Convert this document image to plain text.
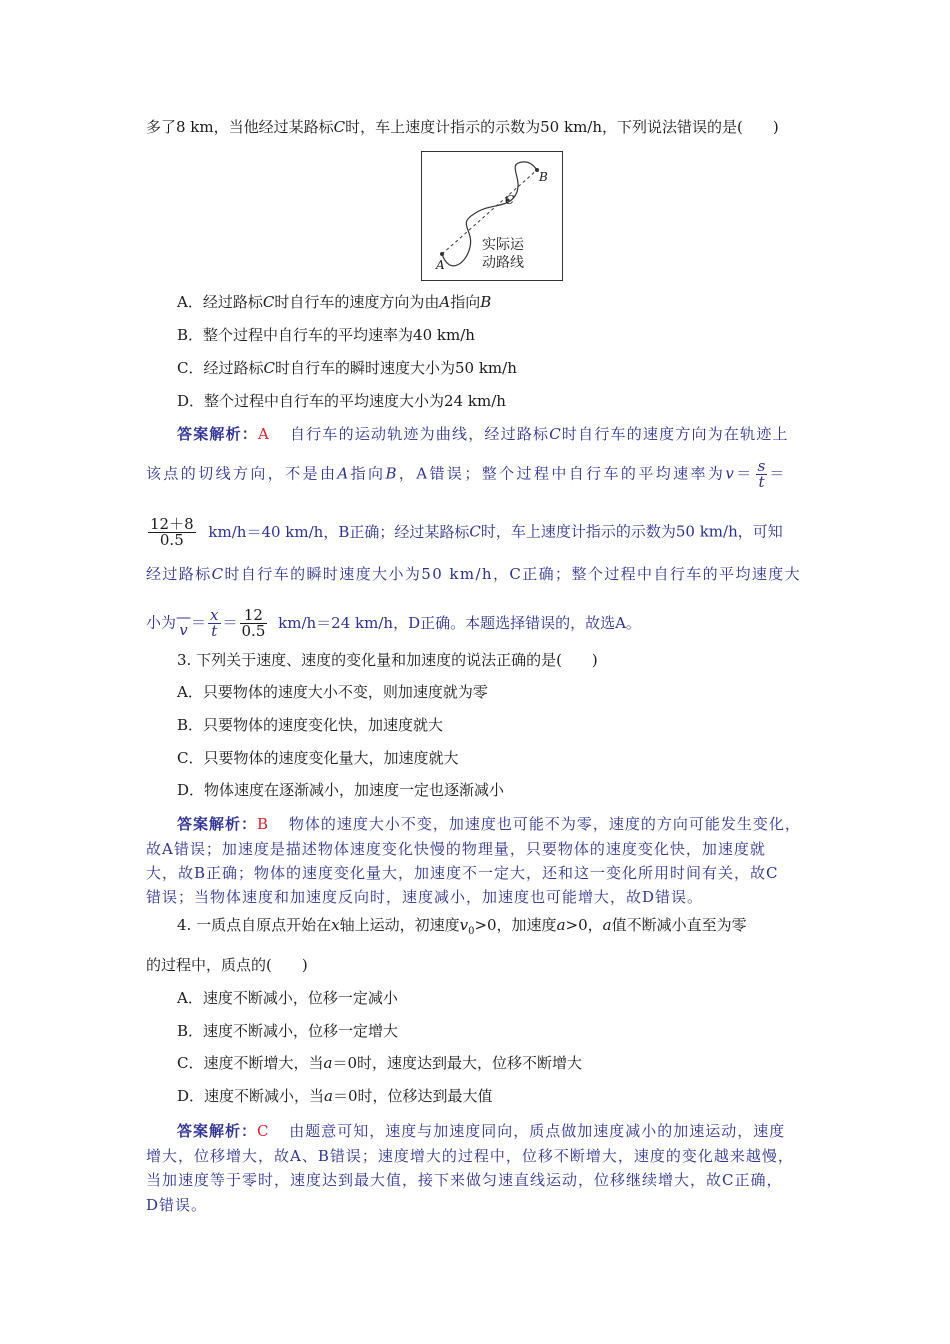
多了8 km，当他经过某路标C时，车上速度计指示的示数为50 km/h，下列说法错误的是(　　)
A
B
C
实际运
动路线
A．经过路标C时自行车的速度方向为由A指向B
B．整个过程中自行车的平均速率为40 km/h
C．经过路标C时自行车的瞬时速度大小为50 km/h
D．整个过程中自行车的平均速度大小为24 km/h
答案解析：A 自行车的运动轨迹为曲线，经过路标C时自行车的速度方向为在轨迹上
该点的切线方向，不是由A指向B，A错误；整个过程中自行车的平均速率为$v= \frac{s}{t}$ ＝
$\frac{12+8}{0.5} km/h=40$ km/h，B正确；经过某路标C时，车上速度计指示的示数为50 km/h，可知
经过路标C时自行车的瞬时速度大小为50 km/h，C正确；整个过程中自行车的平均速度大
小为 —
$v = \frac{x}{t} = \frac{12}{0.5} km/h=24$ km/h，D正确。本题选择错误的，故选A。
3. 下列关于速度、速度的变化量和加速度的说法正确的是(　　)
A．只要物体的速度大小不变，则加速度就为零
B．只要物体的速度变化快，加速度就大
C．只要物体的速度变化量大，加速度就大
D．物体速度在逐渐减小，加速度一定也逐渐减小
答案解析：B 物体的速度大小不变，加速度也可能不为零，速度的方向可能发生变化，
故A错误；加速度是描述物体速度变化快慢的物理量，只要物体的速度变化快，加速度就
大，故B正确；物体的速度变化量大，加速度不一定大，还和这一变化所用时间有关，故C
错误；当物体速度和加速度反向时，速度减小，加速度也可能增大，故D错误。
4. 一质点自原点开始在x轴上运动，初速度$v_0>0$，加速度a>0，a值不断减小直至为零
的过程中，质点的(　　)
A．速度不断减小，位移一定减小
B．速度不断减小，位移一定增大
C．速度不断增大，当a＝0时，速度达到最大，位移不断增大
D．速度不断减小，当a＝0时，位移达到最大值
答案解析：C 由题意可知，速度与加速度同向，质点做加速度减小的加速运动，速度
增大，位移增大，故A、B错误；速度增大的过程中，位移不断增大，速度的变化越来越慢，
当加速度等于零时，速度达到最大值，接下来做匀速直线运动，位移继续增大，故C正确，
D错误。
